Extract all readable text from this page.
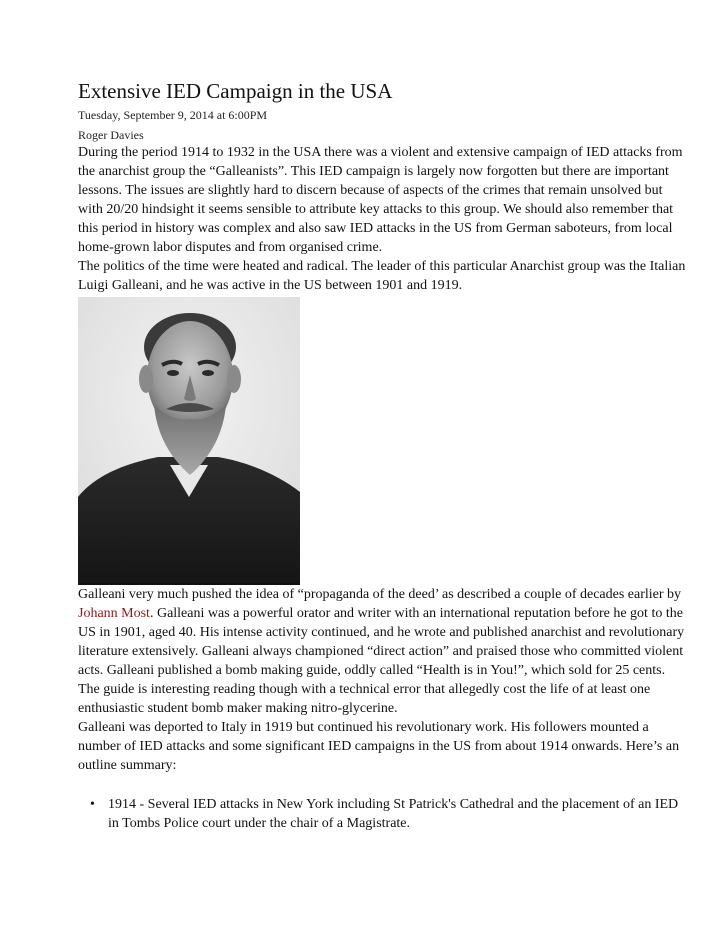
Extensive IED Campaign in the USA

Tuesday, September 9, 2014 at 6:00PM

Roger Davies

During the period 1914 to 1932 in the USA there was a violent and extensive campaign of IED attacks from the anarchist group the “Galleanists”. This IED campaign is largely now forgotten but there are important lessons. The issues are slightly hard to discern because of aspects of the crimes that remain unsolved but with 20/20 hindsight it seems sensible to attribute key attacks to this group. We should also remember that this period in history was complex and also saw IED attacks in the US from German saboteurs, from local home-grown labor disputes and from organised crime.

The politics of the time were heated and radical. The leader of this particular Anarchist group was the Italian Luigi Galleani, and he was active in the US between 1901 and 1919.

Galleani very much pushed the idea of “propaganda of the deed’ as described a couple of decades earlier by Johann Most. Galleani was a powerful orator and writer with an international reputation before he got to the US in 1901, aged 40. His intense activity continued, and he wrote and published anarchist and revolutionary literature extensively. Galleani always championed “direct action” and praised those who committed violent acts. Galleani published a bomb making guide, oddly called “Health is in You!”, which sold for 25 cents. The guide is interesting reading though with a technical error that allegedly cost the life of at least one enthusiastic student bomb maker making nitro-glycerine.

Galleani was deported to Italy in 1919 but continued his revolutionary work. His followers mounted a number of IED attacks and some significant IED campaigns in the US from about 1914 onwards. Here’s an outline summary:

• 1914 - Several IED attacks in New York including St Patrick's Cathedral and the placement of an IED in Tombs Police court under the chair of a Magistrate.
